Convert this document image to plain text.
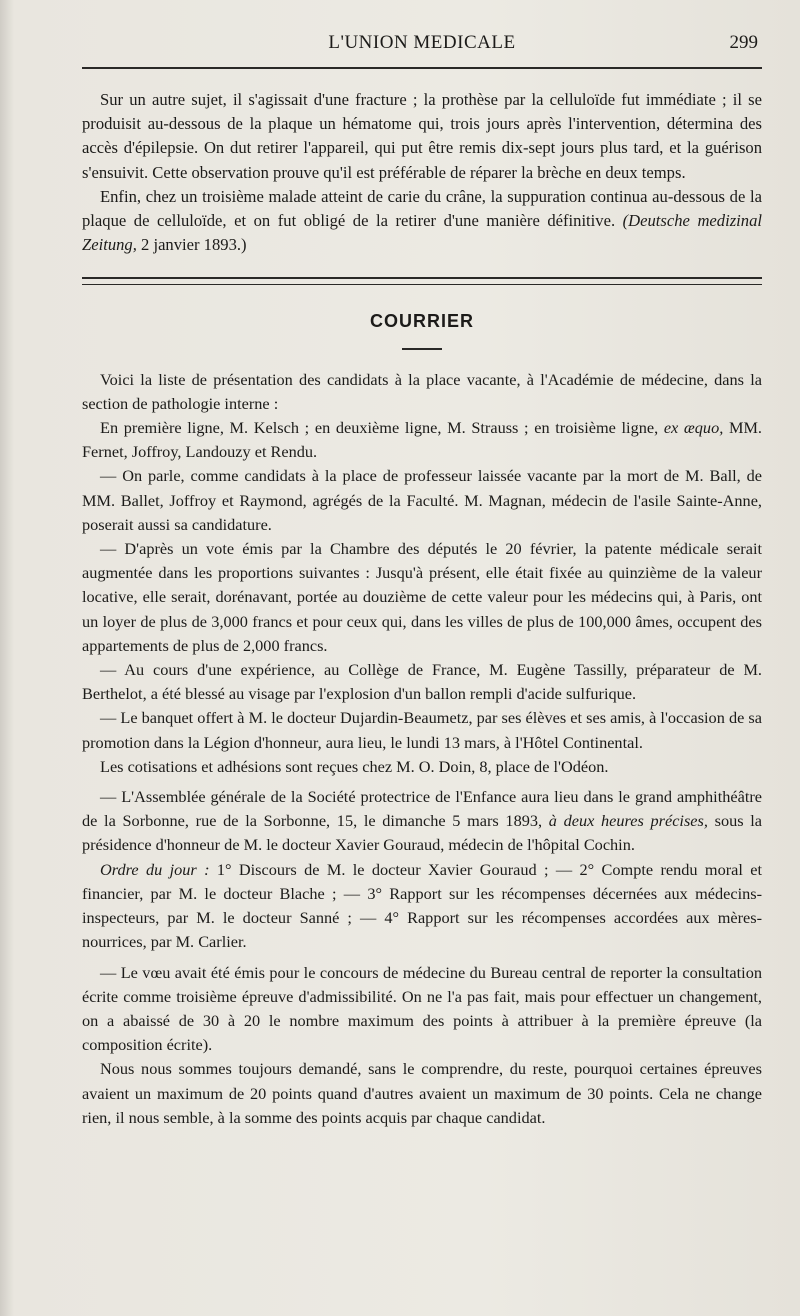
L'UNION MEDICALE	299

Sur un autre sujet, il s'agissait d'une fracture ; la prothèse par la celluloïde fut immédiate ; il se produisit au-dessous de la plaque un hématome qui, trois jours après l'intervention, détermina des accès d'épilepsie. On dut retirer l'appareil, qui put être remis dix-sept jours plus tard, et la guérison s'ensuivit. Cette observation prouve qu'il est préférable de réparer la brèche en deux temps.

Enfin, chez un troisième malade atteint de carie du crâne, la suppuration continua au-dessous de la plaque de celluloïde, et on fut obligé de la retirer d'une manière définitive. (Deutsche medizinal Zeitung, 2 janvier 1893.)

COURRIER

Voici la liste de présentation des candidats à la place vacante, à l'Académie de médecine, dans la section de pathologie interne :

En première ligne, M. Kelsch ; en deuxième ligne, M. Strauss ; en troisième ligne, ex æquo, MM. Fernet, Joffroy, Landouzy et Rendu.

— On parle, comme candidats à la place de professeur laissée vacante par la mort de M. Ball, de MM. Ballet, Joffroy et Raymond, agrégés de la Faculté. M. Magnan, médecin de l'asile Sainte-Anne, poserait aussi sa candidature.

— D'après un vote émis par la Chambre des députés le 20 février, la patente médicale serait augmentée dans les proportions suivantes : Jusqu'à présent, elle était fixée au quinzième de la valeur locative, elle serait, dorénavant, portée au douzième de cette valeur pour les médecins qui, à Paris, ont un loyer de plus de 3,000 francs et pour ceux qui, dans les villes de plus de 100,000 âmes, occupent des appartements de plus de 2,000 francs.

— Au cours d'une expérience, au Collège de France, M. Eugène Tassilly, préparateur de M. Berthelot, a été blessé au visage par l'explosion d'un ballon rempli d'acide sulfurique.

— Le banquet offert à M. le docteur Dujardin-Beaumetz, par ses élèves et ses amis, à l'occasion de sa promotion dans la Légion d'honneur, aura lieu, le lundi 13 mars, à l'Hôtel Continental.

Les cotisations et adhésions sont reçues chez M. O. Doin, 8, place de l'Odéon.

— L'Assemblée générale de la Société protectrice de l'Enfance aura lieu dans le grand amphithéâtre de la Sorbonne, rue de la Sorbonne, 15, le dimanche 5 mars 1893, à deux heures précises, sous la présidence d'honneur de M. le docteur Xavier Gouraud, médecin de l'hôpital Cochin.

Ordre du jour : 1° Discours de M. le docteur Xavier Gouraud ; — 2° Compte rendu moral et financier, par M. le docteur Blache ; — 3° Rapport sur les récompenses décernées aux médecins-inspecteurs, par M. le docteur Sanné ; — 4° Rapport sur les récompenses accordées aux mères-nourrices, par M. Carlier.

— Le vœu avait été émis pour le concours de médecine du Bureau central de reporter la consultation écrite comme troisième épreuve d'admissibilité. On ne l'a pas fait, mais pour effectuer un changement, on a abaissé de 30 à 20 le nombre maximum des points à attribuer à la première épreuve (la composition écrite).

Nous nous sommes toujours demandé, sans le comprendre, du reste, pourquoi certaines épreuves avaient un maximum de 20 points quand d'autres avaient un maximum de 30 points. Cela ne change rien, il nous semble, à la somme des points acquis par chaque candidat.
